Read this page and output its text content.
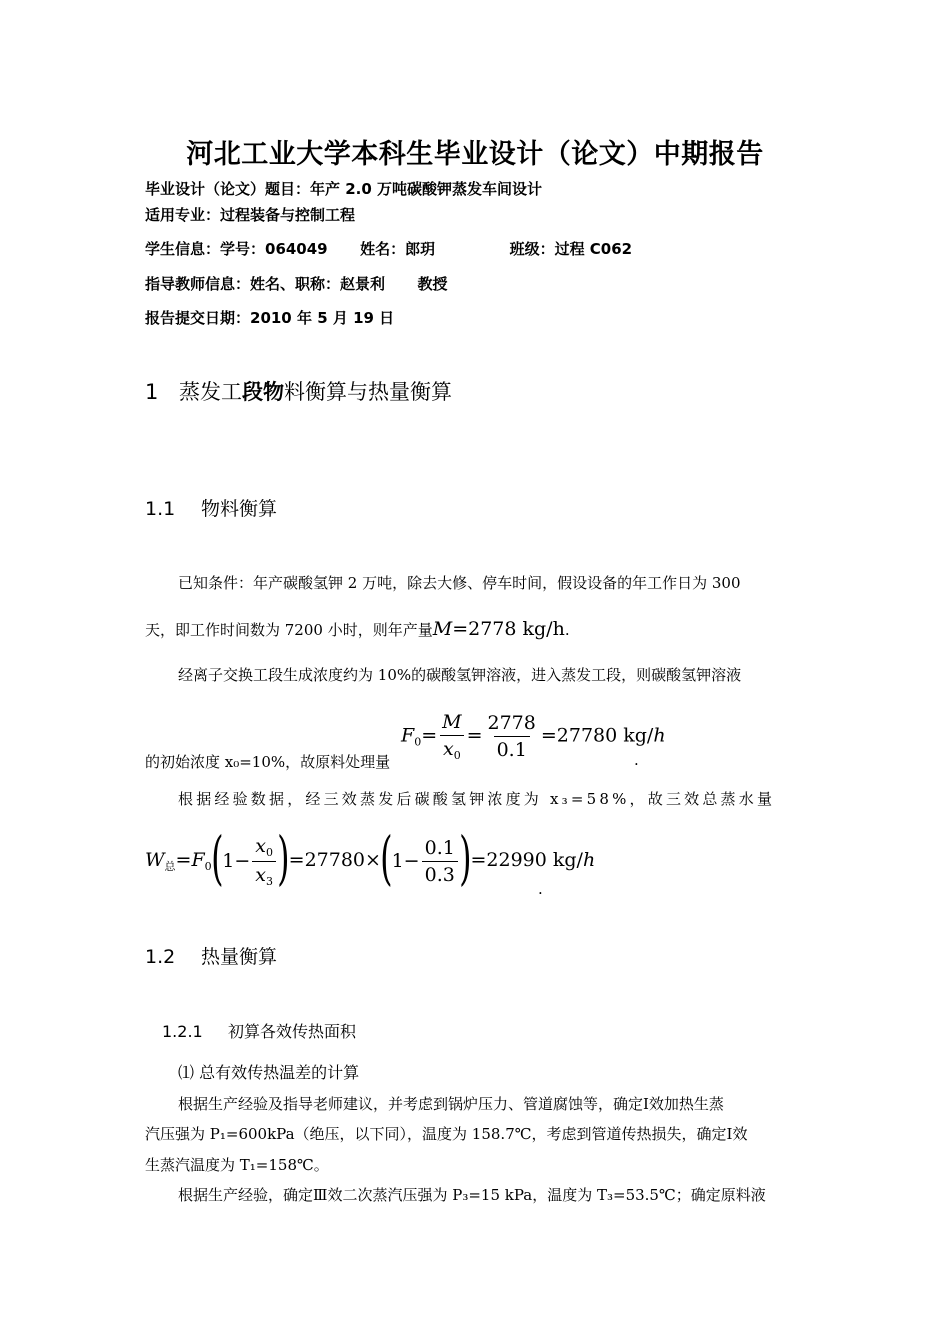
河北工业大学本科生毕业设计（论文）中期报告
毕业设计（论文）题目：年产 2.0 万吨碳酸钾蒸发车间设计
适用专业：过程装备与控制工程
学生信息：学号：064049 姓名：郎玥	班级：过程 C062
指导教师信息：姓名、职称：赵景利 教授
报告提交日期：2010 年 5 月 19 日
1 蒸发工段物料衡算与热量衡算
1.1 物料衡算
已知条件：年产碳酸氢钾 2 万吨，除去大修、停车时间，假设设备的年工作日为 300
天，即工作时间数为 7200 小时，则年产量M=2778 kg/h.
经离子交换工段生成浓度约为 10%的碳酸氢钾溶液，进入蒸发工段，则碳酸氢钾溶液
的初始浓度 x₀=10%，故原料处理量
$F_0= \frac{M}{x_0} = \frac{2778}{0.1} =27780$ kg/h
.
根据经验数据，经三效蒸发后碳酸氢钾浓度为 x₃=58%，故三效总蒸水量
$W_总=F_0$ ( $1- \frac{x_0}{x_3}$ ) =27780× ( $1- \frac{0.1}{0.3}$ ) =22990 kg/h
.
1.2 热量衡算
1.2.1 初算各效传热面积
⑴ 总有效传热温差的计算
根据生产经验及指导老师建议，并考虑到锅炉压力、管道腐蚀等，确定Ⅰ效加热生蒸
汽压强为 P₁=600kPa（绝压，以下同），温度为 158.7℃，考虑到管道传热损失，确定Ⅰ效
生蒸汽温度为 T₁=158℃。
根据生产经验，确定Ⅲ效二次蒸汽压强为 P₃=15 kPa，温度为 T₃=53.5℃；确定原料液
